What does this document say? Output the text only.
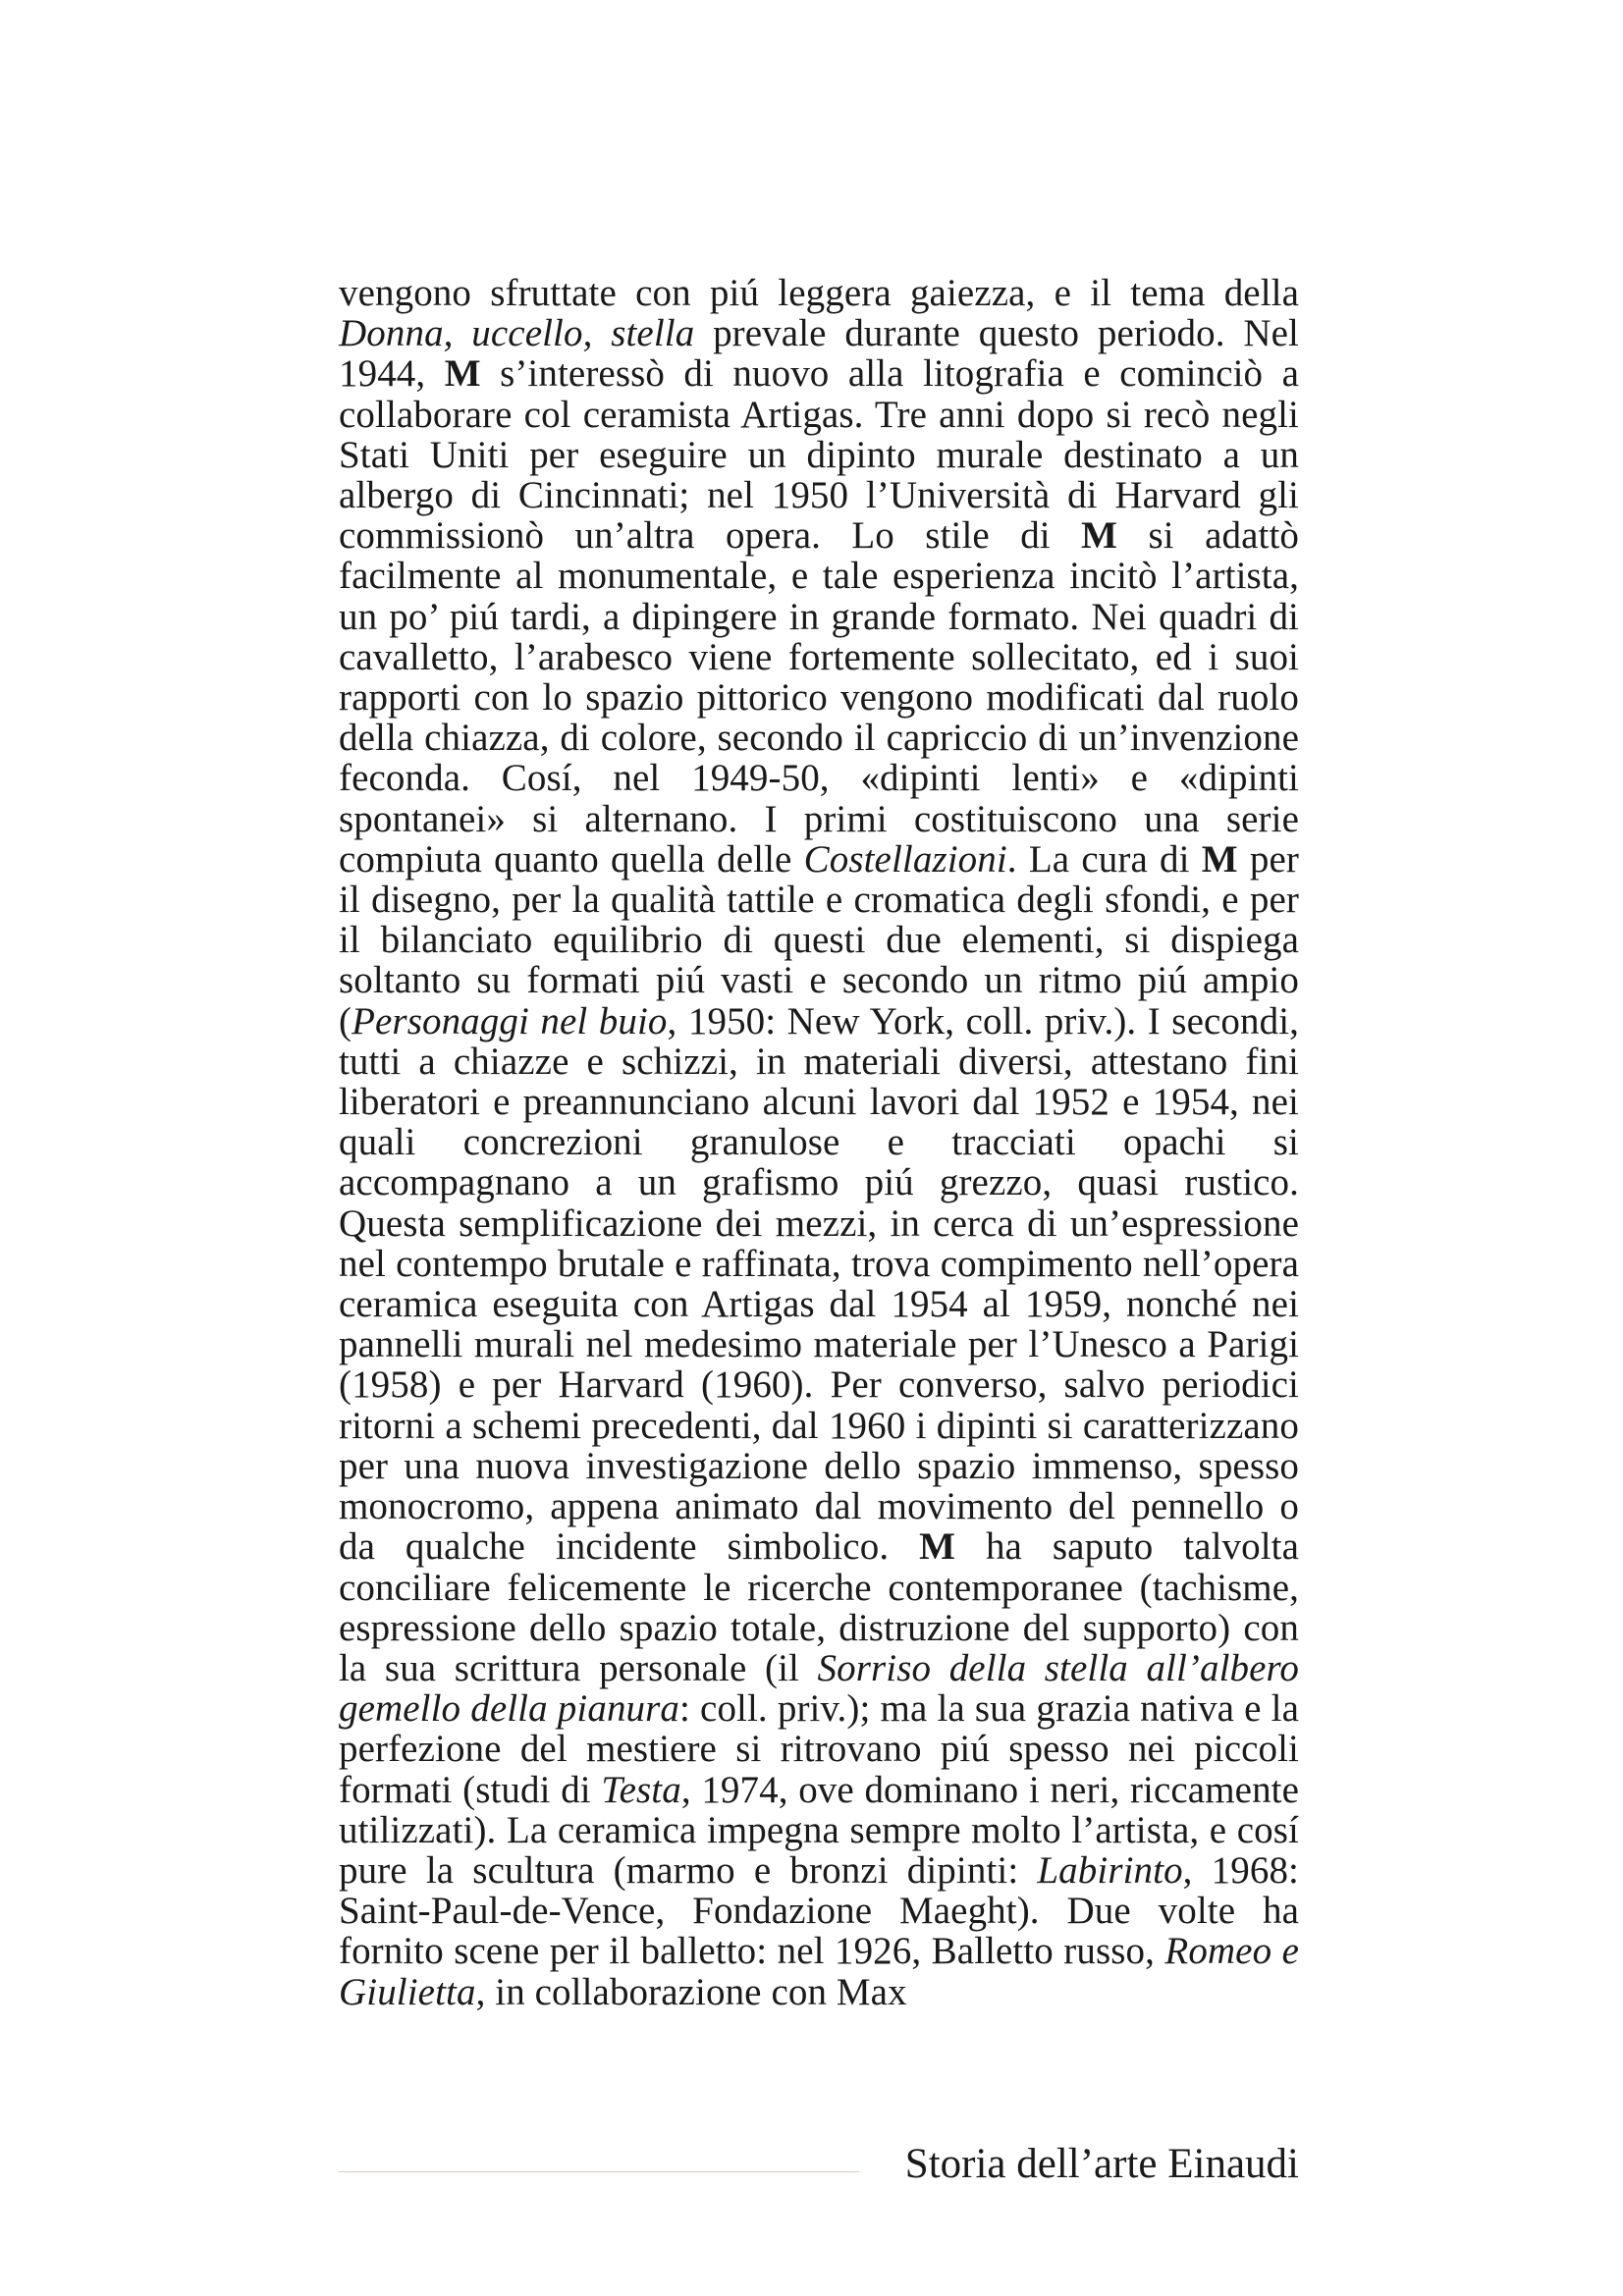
vengono sfruttate con piú leggera gaiezza, e il tema della Donna, uccello, stella prevale durante questo periodo. Nel 1944, M s’interessò di nuovo alla litografia e cominciò a collaborare col ceramista Artigas. Tre anni dopo si recò negli Stati Uniti per eseguire un dipinto murale destinato a un albergo di Cincinnati; nel 1950 l’Università di Harvard gli commissionò un’altra opera. Lo stile di M si adattò facilmente al monumentale, e tale esperienza incitò l’artista, un po’ piú tardi, a dipingere in grande formato. Nei quadri di cavalletto, l’arabesco viene fortemente sollecitato, ed i suoi rapporti con lo spazio pittorico vengono modificati dal ruolo della chiazza, di colore, secondo il capriccio di un’invenzione feconda. Cosí, nel 1949-50, «dipinti lenti» e «dipinti spontanei» si alternano. I primi costituiscono una serie compiuta quanto quella delle Costellazioni. La cura di M per il disegno, per la qualità tattile e cromatica degli sfondi, e per il bilanciato equilibrio di questi due elementi, si dispiega soltanto su formati piú vasti e secondo un ritmo piú ampio (Personaggi nel buio, 1950: New York, coll. priv.). I secondi, tutti a chiazze e schizzi, in materiali diversi, attestano fini liberatori e preannunciano alcuni lavori dal 1952 e 1954, nei quali concrezioni granulose e tracciati opachi si accompagnano a un grafismo piú grezzo, quasi rustico. Questa semplificazione dei mezzi, in cerca di un’espressione nel contempo brutale e raffinata, trova compimento nell’opera ceramica eseguita con Artigas dal 1954 al 1959, nonché nei pannelli murali nel medesimo materiale per l’Unesco a Parigi (1958) e per Harvard (1960). Per converso, salvo periodici ritorni a schemi precedenti, dal 1960 i dipinti si caratterizzano per una nuova investigazione dello spazio immenso, spesso monocromo, appena animato dal movimento del pennello o da qualche incidente simbolico. M ha saputo talvolta conciliare felicemente le ricerche contemporanee (tachisme, espressione dello spazio totale, distruzione del supporto) con la sua scrittura personale (il Sorriso della stella all’albero gemello della pianura: coll. priv.); ma la sua grazia nativa e la perfezione del mestiere si ritrovano piú spesso nei piccoli formati (studi di Testa, 1974, ove dominano i neri, riccamente utilizzati). La ceramica impegna sempre molto l’artista, e cosí pure la scultura (marmo e bronzi dipinti: Labirinto, 1968: Saint-Paul-de-Vence, Fondazione Maeght). Due volte ha fornito scene per il balletto: nel 1926, Balletto russo, Romeo e Giulietta, in collaborazione con Max
Storia dell’arte Einaudi
